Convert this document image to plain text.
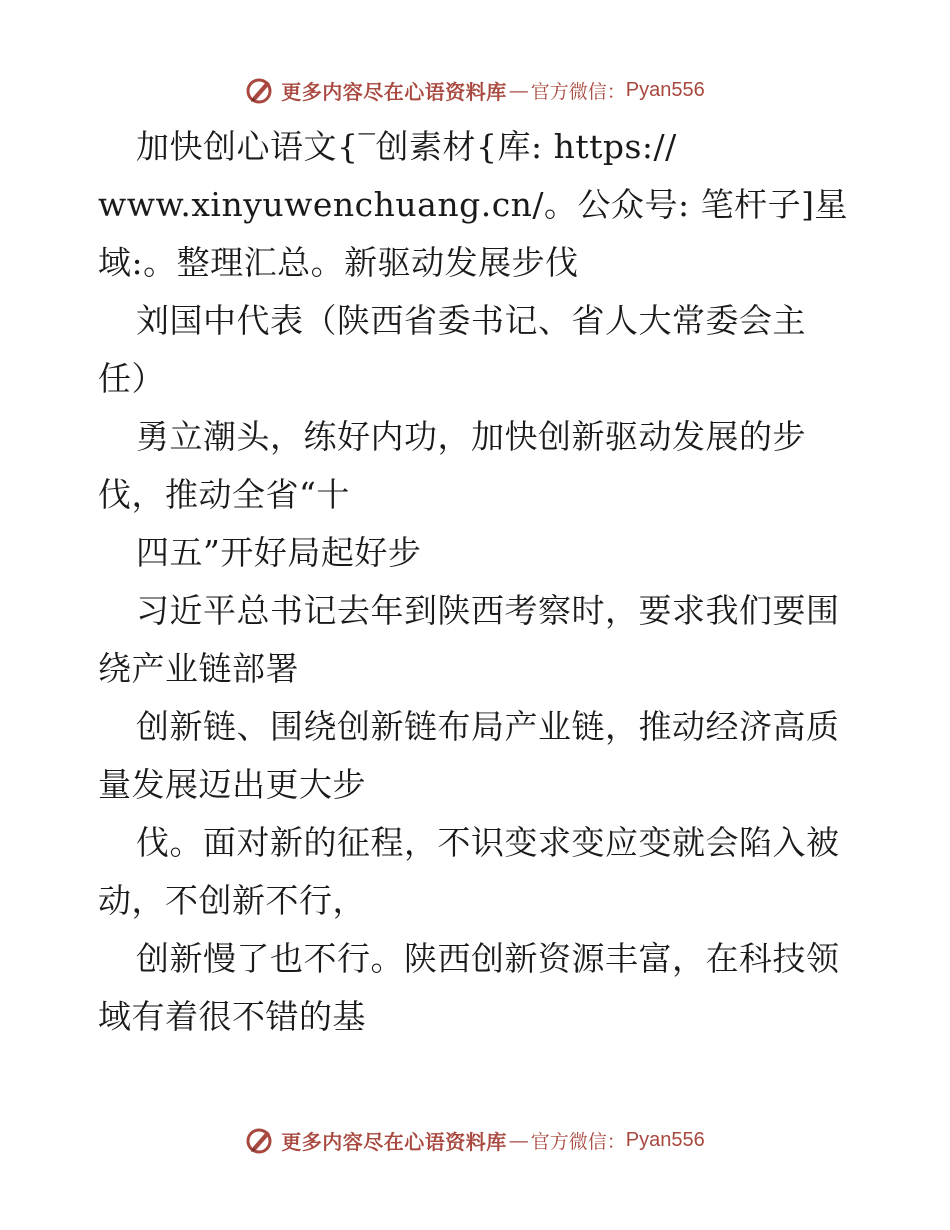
更多内容尽在心语资料库 — 官方微信： Pyan556
加快创心语文{‾创素材{库: https://
www.xinyuwenchuang.cn/。公众号: 笔杆子]星
域:。整理汇总。新驱动发展步伐
刘国中代表（陕西省委书记、省人大常委会主
任）
勇立潮头，练好内功，加快创新驱动发展的步
伐，推动全省“十
四五”开好局起好步
习近平总书记去年到陕西考察时，要求我们要围
绕产业链部署
创新链、围绕创新链布局产业链，推动经济高质
量发展迈出更大步
伐。面对新的征程，不识变求变应变就会陷入被
动，不创新不行，
创新慢了也不行。陕西创新资源丰富，在科技领
域有着很不错的基
更多内容尽在心语资料库 — 官方微信： Pyan556
